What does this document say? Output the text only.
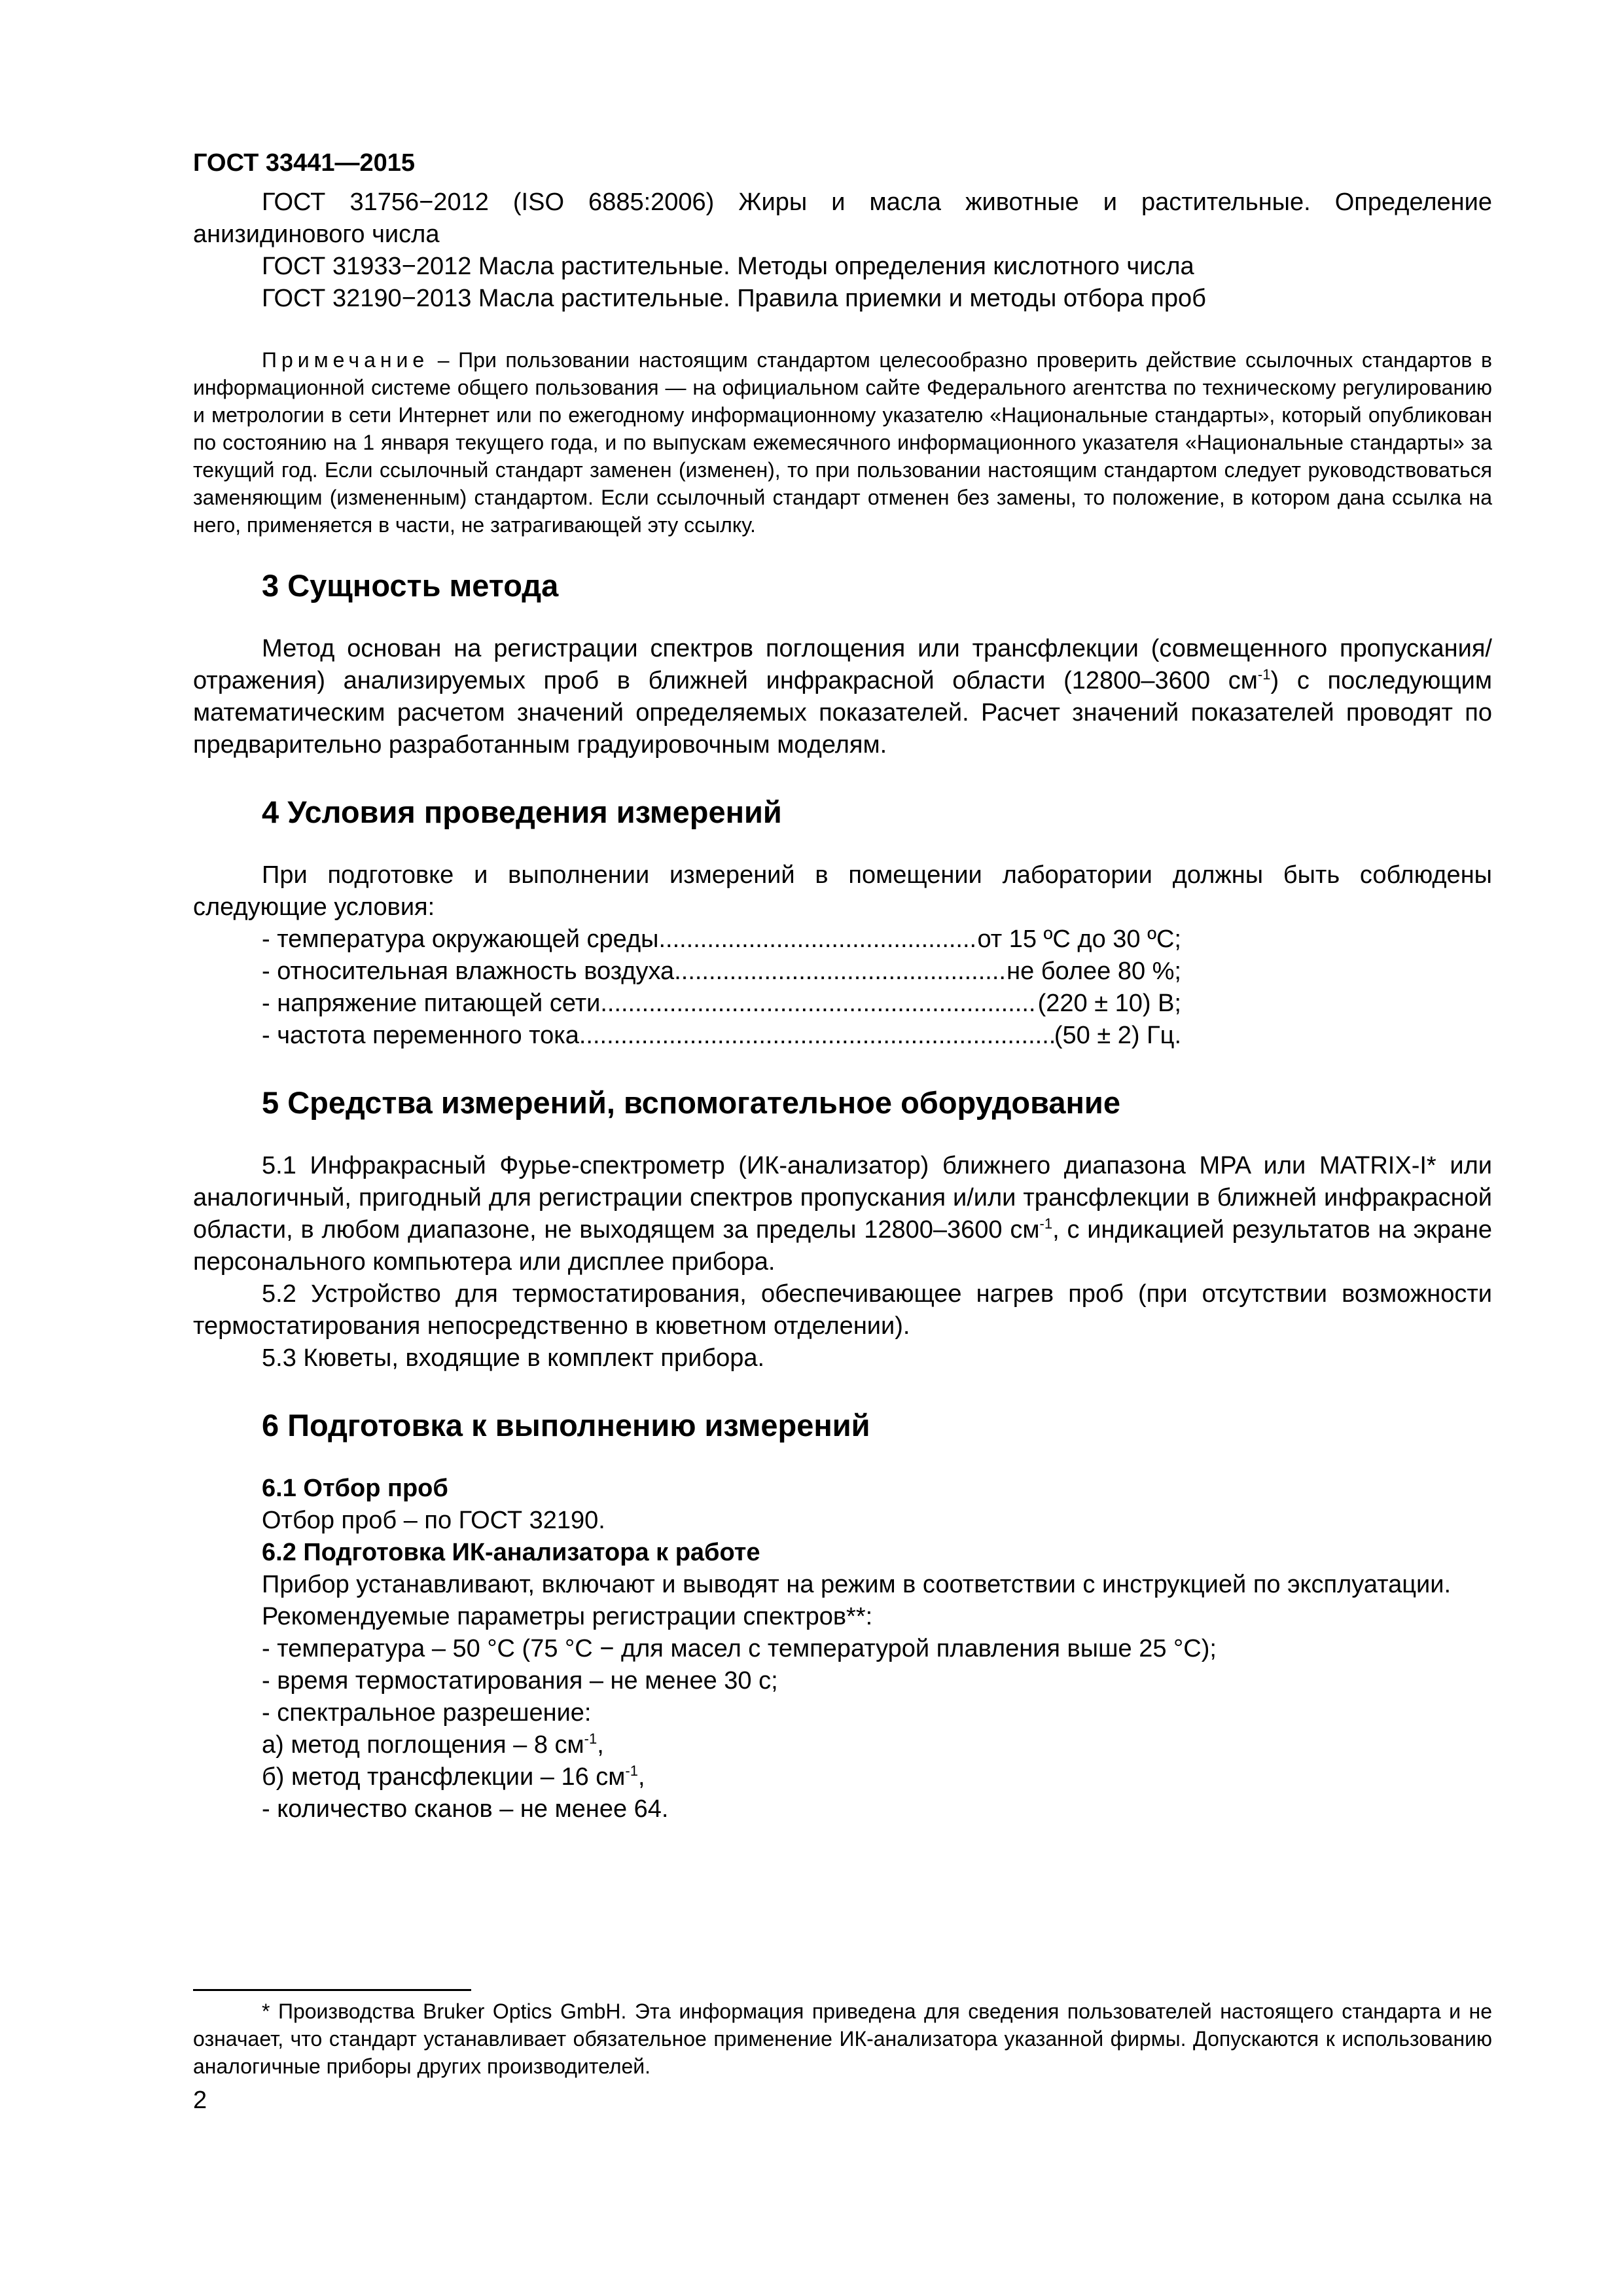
ГОСТ 33441—2015

ГОСТ 31756−2012 (ISO 6885:2006) Жиры и масла животные и растительные. Определение анизидинового числа

ГОСТ 31933−2012 Масла растительные. Методы определения кислотного числа

ГОСТ 32190−2013 Масла растительные. Правила приемки и методы отбора проб

Примечание – При пользовании настоящим стандартом целесообразно проверить действие ссылочных стандартов в информационной системе общего пользования — на официальном сайте Федерального агентства по техническому регулированию и метрологии в сети Интернет или по ежегодному информационному указателю «Национальные стандарты», который опубликован по состоянию на 1 января текущего года, и по выпускам ежемесячного информационного указателя «Национальные стандарты» за текущий год. Если ссылочный стандарт заменен (изменен), то при пользовании настоящим стандартом следует руководствоваться заменяющим (измененным) стандартом. Если ссылочный стандарт отменен без замены, то положение, в котором дана ссылка на него, применяется в части, не затрагивающей эту ссылку.

3 Сущность метода

Метод основан на регистрации спектров поглощения или трансфлекции (совмещенного пропускания/отражения) анализируемых проб в ближней инфракрасной области (12800–3600 $см^{-1}$) с последующим математическим расчетом значений определяемых показателей. Расчет значений показателей проводят по предварительно разработанным градуировочным моделям.

4 Условия проведения измерений

При подготовке и выполнении измерений в помещении лаборатории должны быть соблюдены следующие условия:

- температура окружающей среды .....	от 15 ºС до 30 ºС;
- относительная влажность воздуха .....	не более 80 %;
- напряжение питающей сети .....	(220 ± 10) В;
- частота переменного тока .....	(50 ± 2) Гц.

5 Средства измерений, вспомогательное оборудование

5.1 Инфракрасный Фурье-спектрометр (ИК-анализатор) ближнего диапазона MPA или MATRIX-I* или аналогичный, пригодный для регистрации спектров пропускания и/или трансфлекции в ближней инфракрасной области, в любом диапазоне, не выходящем за пределы 12800–3600 $см^{-1}$, с индикацией результатов на экране персонального компьютера или дисплее прибора.

5.2 Устройство для термостатирования, обеспечивающее нагрев проб (при отсутствии возможности термостатирования непосредственно в кюветном отделении).

5.3 Кюветы, входящие в комплект прибора.

6 Подготовка к выполнению измерений

6.1 Отбор проб

Отбор проб – по ГОСТ 32190.

6.2 Подготовка ИК-анализатора к работе

Прибор устанавливают, включают и выводят на режим в соответствии с инструкцией по эксплуатации.

Рекомендуемые параметры регистрации спектров**:

- температура – 50 °С (75 °С − для масел с температурой плавления выше 25 °С);

- время термостатирования – не менее 30 с;

- спектральное разрешение:

а) метод поглощения – 8 $см^{-1}$,

б) метод трансфлекции – 16 $см^{-1}$,

- количество сканов – не менее 64.

* Производства Bruker Optics GmbH. Эта информация приведена для сведения пользователей настоящего стандарта и не означает, что стандарт устанавливает обязательное применение ИК-анализатора указанной фирмы. Допускаются к использованию аналогичные приборы других производителей.

2
